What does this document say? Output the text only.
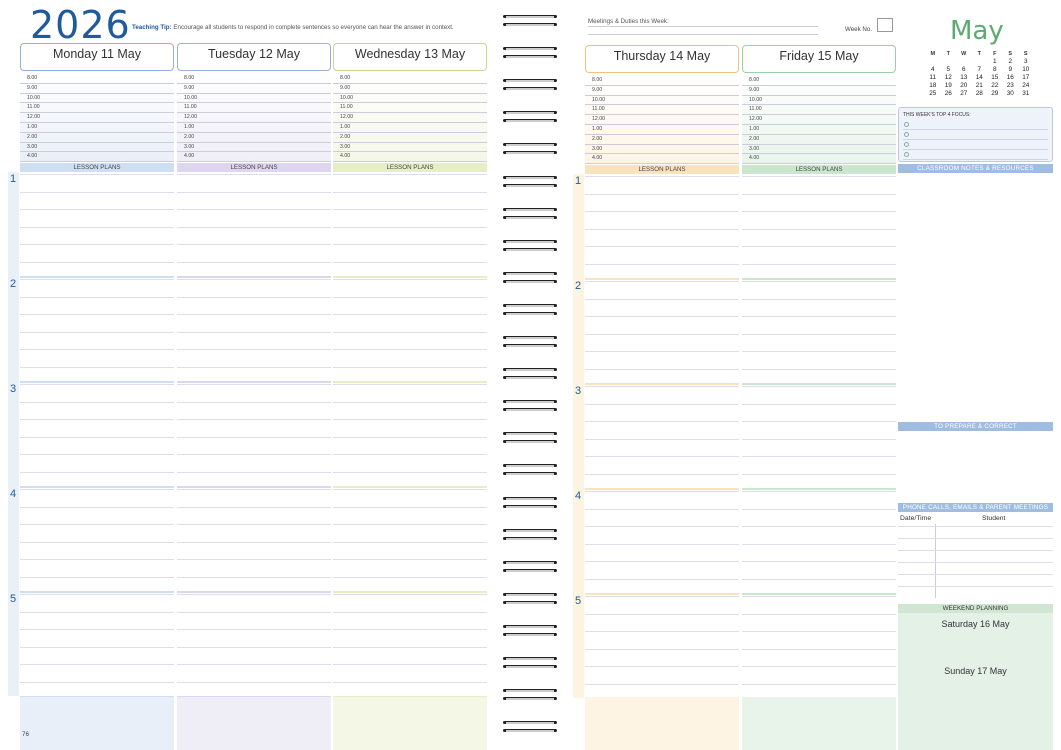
2026 Teaching Tip: Encourage all students to respond in complete sentences so everyone can hear the answer in context.
Monday 11 May
8.00
9.00
10.00
11.00
12.00
1.00
2.00
3.00
4.00
LESSON PLANS
Tuesday 12 May
8.00
9.00
10.00
11.00
12.00
1.00
2.00
3.00
4.00
LESSON PLANS
Wednesday 13 May
8.00
9.00
10.00
11.00
12.00
1.00
2.00
3.00
4.00
LESSON PLANS
1
2
3
4
5
Thursday 14 May
8.00
9.00
10.00
11.00
12.00
1.00
2.00
3.00
4.00
LESSON PLANS
Friday 15 May
8.00
9.00
10.00
11.00
12.00
1.00
2.00
3.00
4.00
LESSON PLANS
1
2
3
4
5
76
Meetings & Duties this Week:
Week No.	May
M	T	W	T	F	S	S
				1	2	3
4	5	6	7	8	9	10
11	12	13	14	15	16	17
18	19	20	21	22	23	24
25	26	27	28	29	30	31
THIS WEEK'S TOP 4 FOCUS:
CLASSROOM NOTES & RESOURCES
TO PREPARE & CORRECT
PHONE CALLS, EMAILS & PARENT MEETINGS
Date/Time	Student
WEEKEND PLANNING
Saturday 16 May
Sunday 17 May
